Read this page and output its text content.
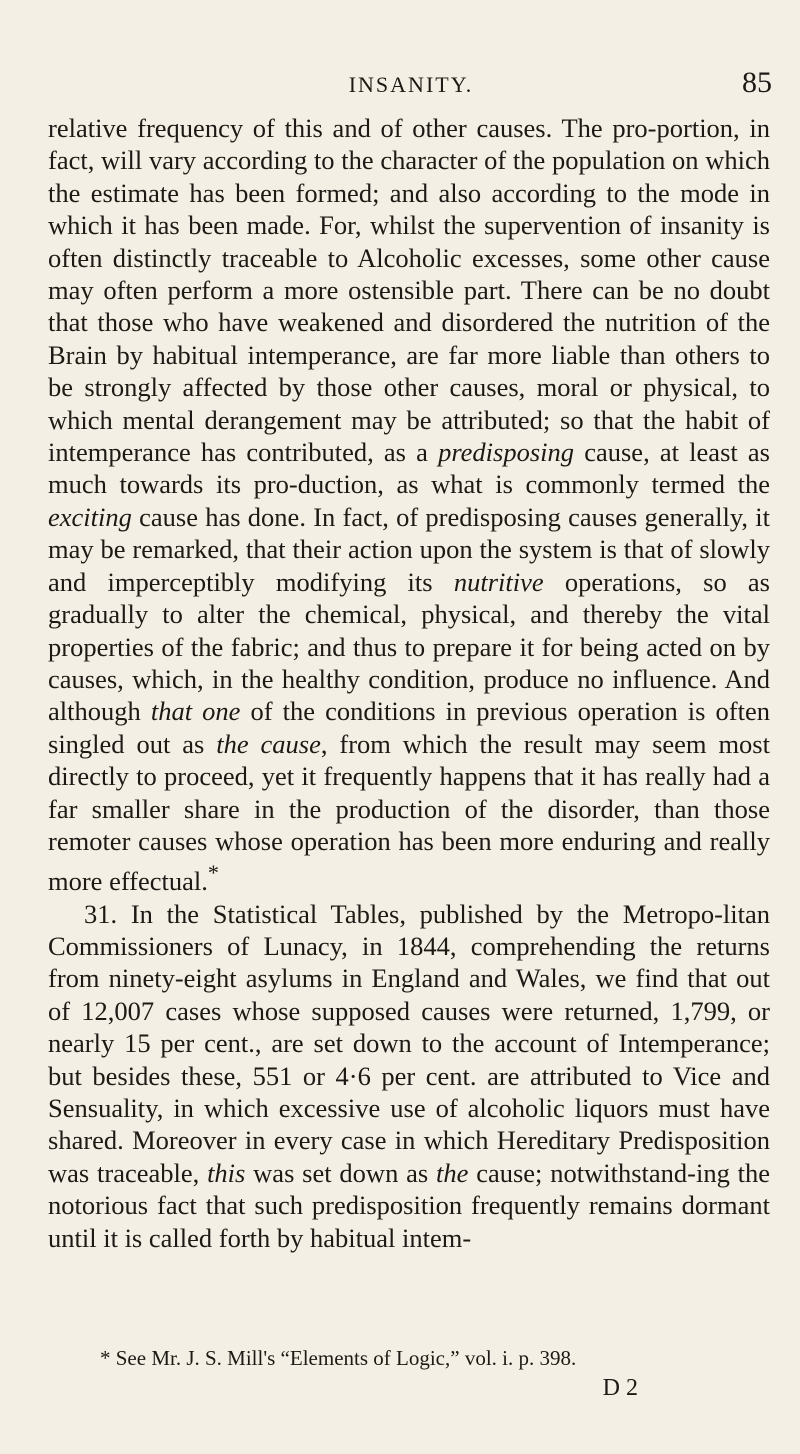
INSANITY.	85

relative frequency of this and of other causes. The pro-portion, in fact, will vary according to the character of the population on which the estimate has been formed; and also according to the mode in which it has been made. For, whilst the supervention of insanity is often distinctly traceable to Alcoholic excesses, some other cause may often perform a more ostensible part. There can be no doubt that those who have weakened and disordered the nutrition of the Brain by habitual intemperance, are far more liable than others to be strongly affected by those other causes, moral or physical, to which mental derangement may be attributed; so that the habit of intemperance has contributed, as a predisposing cause, at least as much towards its pro-duction, as what is commonly termed the exciting cause has done. In fact, of predisposing causes generally, it may be remarked, that their action upon the system is that of slowly and imperceptibly modifying its nutritive operations, so as gradually to alter the chemical, physical, and thereby the vital properties of the fabric; and thus to prepare it for being acted on by causes, which, in the healthy condition, produce no influence. And although that one of the conditions in previous operation is often singled out as the cause, from which the result may seem most directly to proceed, yet it frequently happens that it has really had a far smaller share in the production of the disorder, than those remoter causes whose operation has been more enduring and really more effectual.*

31. In the Statistical Tables, published by the Metropo-litan Commissioners of Lunacy, in 1844, comprehending the returns from ninety-eight asylums in England and Wales, we find that out of 12,007 cases whose supposed causes were returned, 1,799, or nearly 15 per cent., are set down to the account of Intemperance; but besides these, 551 or 4·6 per cent. are attributed to Vice and Sensuality, in which excessive use of alcoholic liquors must have shared. Moreover in every case in which Hereditary Predisposition was traceable, this was set down as the cause; notwithstand-ing the notorious fact that such predisposition frequently remains dormant until it is called forth by habitual intem-

* See Mr. J. S. Mill's “Elements of Logic,” vol. i. p. 398.

D 2
